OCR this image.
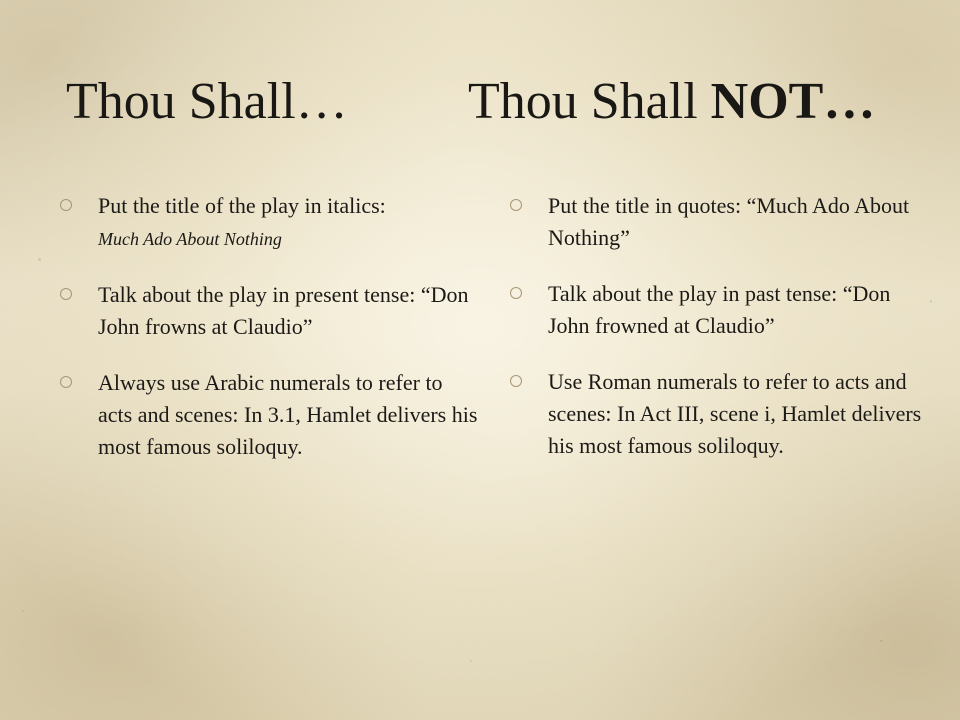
Thou Shall… Thou Shall NOT…
Put the title of the play in italics:
Much Ado About Nothing
Talk about the play in present tense: “Don John frowns at Claudio”
Always use Arabic numerals to refer to acts and scenes: In 3.1, Hamlet delivers his most famous soliloquy.
Put the title in quotes: “Much Ado About Nothing”
Talk about the play in past tense: “Don John frowned at Claudio”
Use Roman numerals to refer to acts and scenes: In Act III, scene i, Hamlet delivers his most famous soliloquy.
